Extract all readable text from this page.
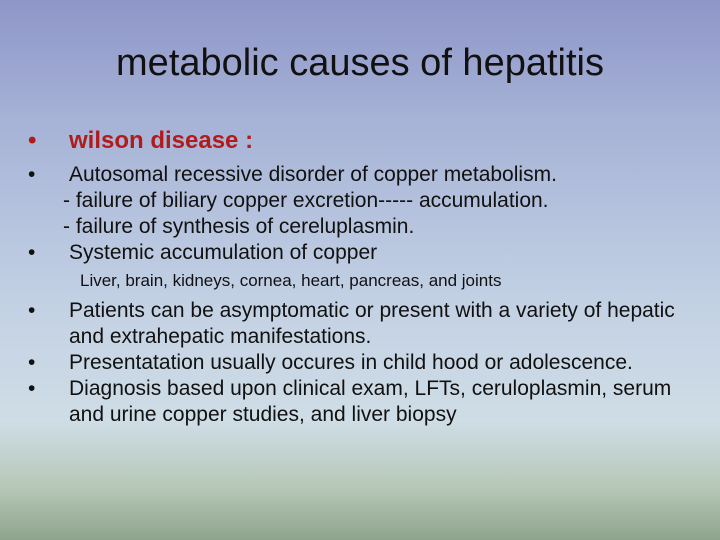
metabolic causes of hepatitis
• wilson disease :
• Autosomal recessive disorder of copper metabolism.
- failure of biliary copper excretion----- accumulation.
- failure of synthesis of cereluplasmin.
• Systemic accumulation of copper
Liver, brain, kidneys, cornea, heart, pancreas, and joints
• Patients can be asymptomatic or present with a variety of hepatic and extrahepatic manifestations.
• Presentatation usually occures in child hood or adolescence.
• Diagnosis based upon clinical exam, LFTs, ceruloplasmin, serum and urine copper studies, and liver biopsy
